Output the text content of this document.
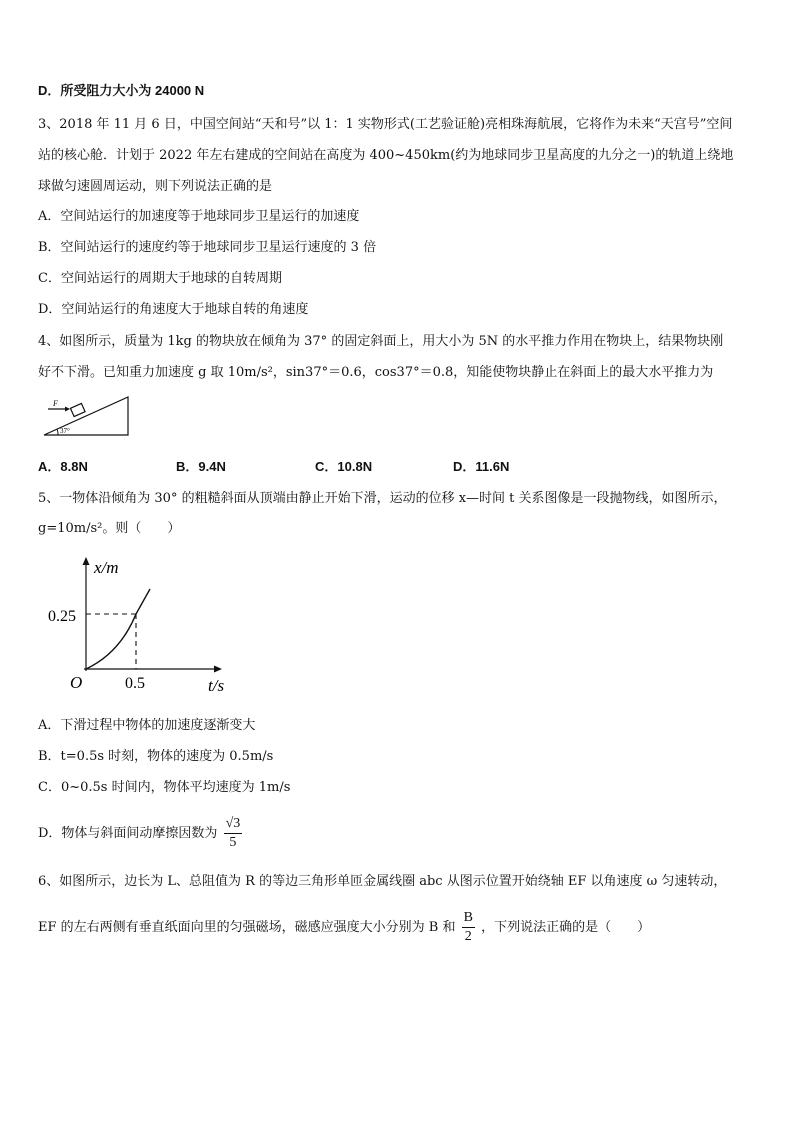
D．所受阻力大小为 24000 N
3、2018 年 11 月 6 日，中国空间站“天和号”以 1：1 实物形式(工艺验证舱)亮相珠海航展，它将作为未来“天宫号”空间
站的核心舱．计划于 2022 年左右建成的空间站在高度为 400~450km(约为地球同步卫星高度的九分之一)的轨道上绕地
球做匀速圆周运动，则下列说法正确的是
A．空间站运行的加速度等于地球同步卫星运行的加速度
B．空间站运行的速度约等于地球同步卫星运行速度的 3 倍
C．空间站运行的周期大于地球的自转周期
D．空间站运行的角速度大于地球自转的角速度
4、如图所示，质量为 1kg 的物块放在倾角为 37° 的固定斜面上，用大小为 5N 的水平推力作用在物块上，结果物块刚
好不下滑。已知重力加速度 g 取 10m/s²，sin37°＝0.6，cos37°＝0.8，知能使物块静止在斜面上的最大水平推力为
F
37°
A．8.8N	B．9.4N	C．10.8N	D．11.6N
5、一物体沿倾角为 30° 的粗糙斜面从顶端由静止开始下滑，运动的位移 x—时间 t 关系图像是一段抛物线，如图所示，
g=10m/s²。则（　　）
x/m
t/s
O	0.5
0.25
A．下滑过程中物体的加速度逐渐变大
B．t=0.5s 时刻，物体的速度为 0.5m/s
C．0~0.5s 时间内，物体平均速度为 1m/s
D．物体与斜面间动摩擦因数为 $\frac{√3}{5}$
6、如图所示，边长为 L、总阻值为 R 的等边三角形单匝金属线圈 abc 从图示位置开始绕轴 EF 以角速度 ω 匀速转动，
EF 的左右两侧有垂直纸面向里的匀强磁场，磁感应强度大小分别为 B 和 $\frac{B}{2}$ ，下列说法正确的是（　　）
